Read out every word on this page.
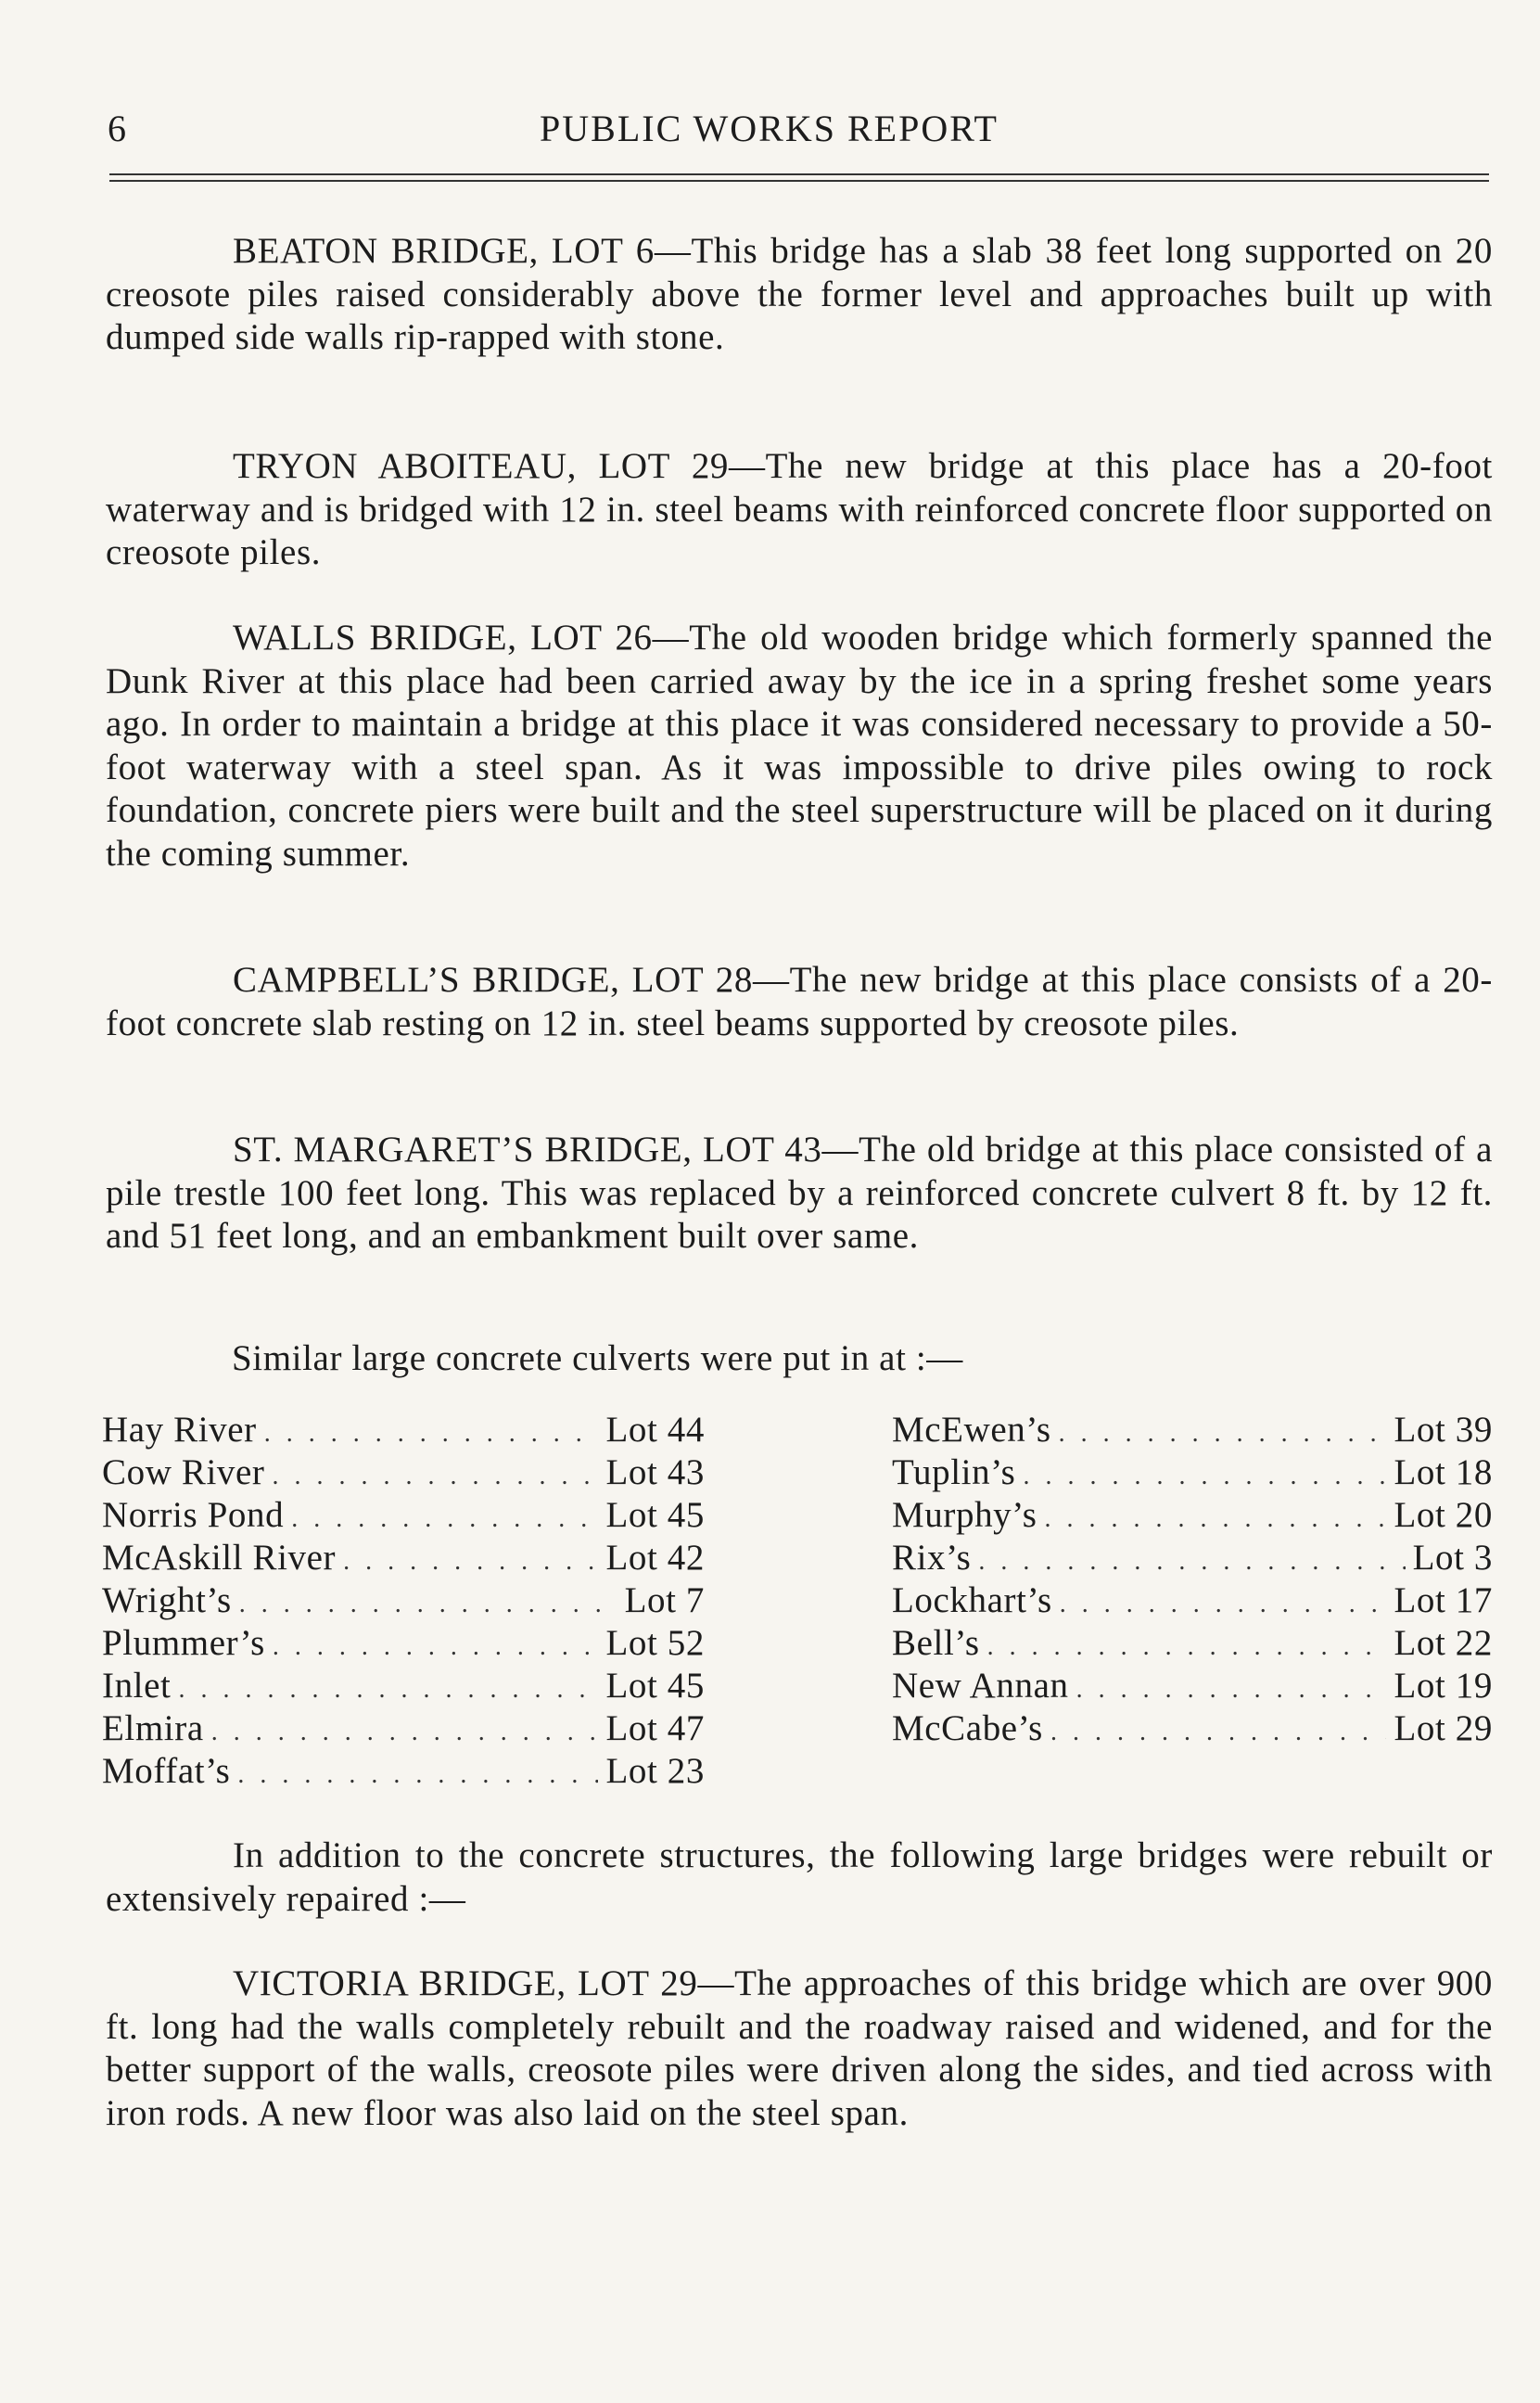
6	PUBLIC WORKS REPORT

BEATON BRIDGE, LOT 6—This bridge has a slab 38 feet long supported on 20 creosote piles raised considerably above the former level and approaches built up with dumped side walls rip-rapped with stone.

TRYON ABOITEAU, LOT 29—The new bridge at this place has a 20-foot waterway and is bridged with 12 in. steel beams with reinforced concrete floor supported on creosote piles.

WALLS BRIDGE, LOT 26—The old wooden bridge which formerly spanned the Dunk River at this place had been carried away by the ice in a spring freshet some years ago. In order to maintain a bridge at this place it was considered necessary to provide a 50-foot waterway with a steel span. As it was impossible to drive piles owing to rock foundation, concrete piers were built and the steel superstructure will be placed on it during the coming summer.

CAMPBELL’S BRIDGE, LOT 28—The new bridge at this place consists of a 20-foot concrete slab resting on 12 in. steel beams supported by creosote piles.

ST. MARGARET’S BRIDGE, LOT 43—The old bridge at this place consisted of a pile trestle 100 feet long. This was replaced by a reinforced concrete culvert 8 ft. by 12 ft. and 51 feet long, and an embankment built over same.

Similar large concrete culverts were put in at :—
Hay River . . .	Lot 44
Cow River . . .	Lot 43
Norris Pond . . .	Lot 45
McAskill River . . .	Lot 42
Wright’s . . .	Lot 7
Plummer’s . . .	Lot 52
Inlet . . .	Lot 45
Elmira . . .	Lot 47
Moffat’s . . .	Lot 23
McEwen’s . . .	Lot 39
Tuplin’s . . .	Lot 18
Murphy’s . . .	Lot 20
Rix’s . . .	Lot 3
Lockhart’s . . .	Lot 17
Bell’s . . .	Lot 22
New Annan . . .	Lot 19
McCabe’s . . .	Lot 29

In addition to the concrete structures, the following large bridges were rebuilt or extensively repaired :—

VICTORIA BRIDGE, LOT 29—The approaches of this bridge which are over 900 ft. long had the walls completely rebuilt and the roadway raised and widened, and for the better support of the walls, creosote piles were driven along the sides, and tied across with iron rods. A new floor was also laid on the steel span.
